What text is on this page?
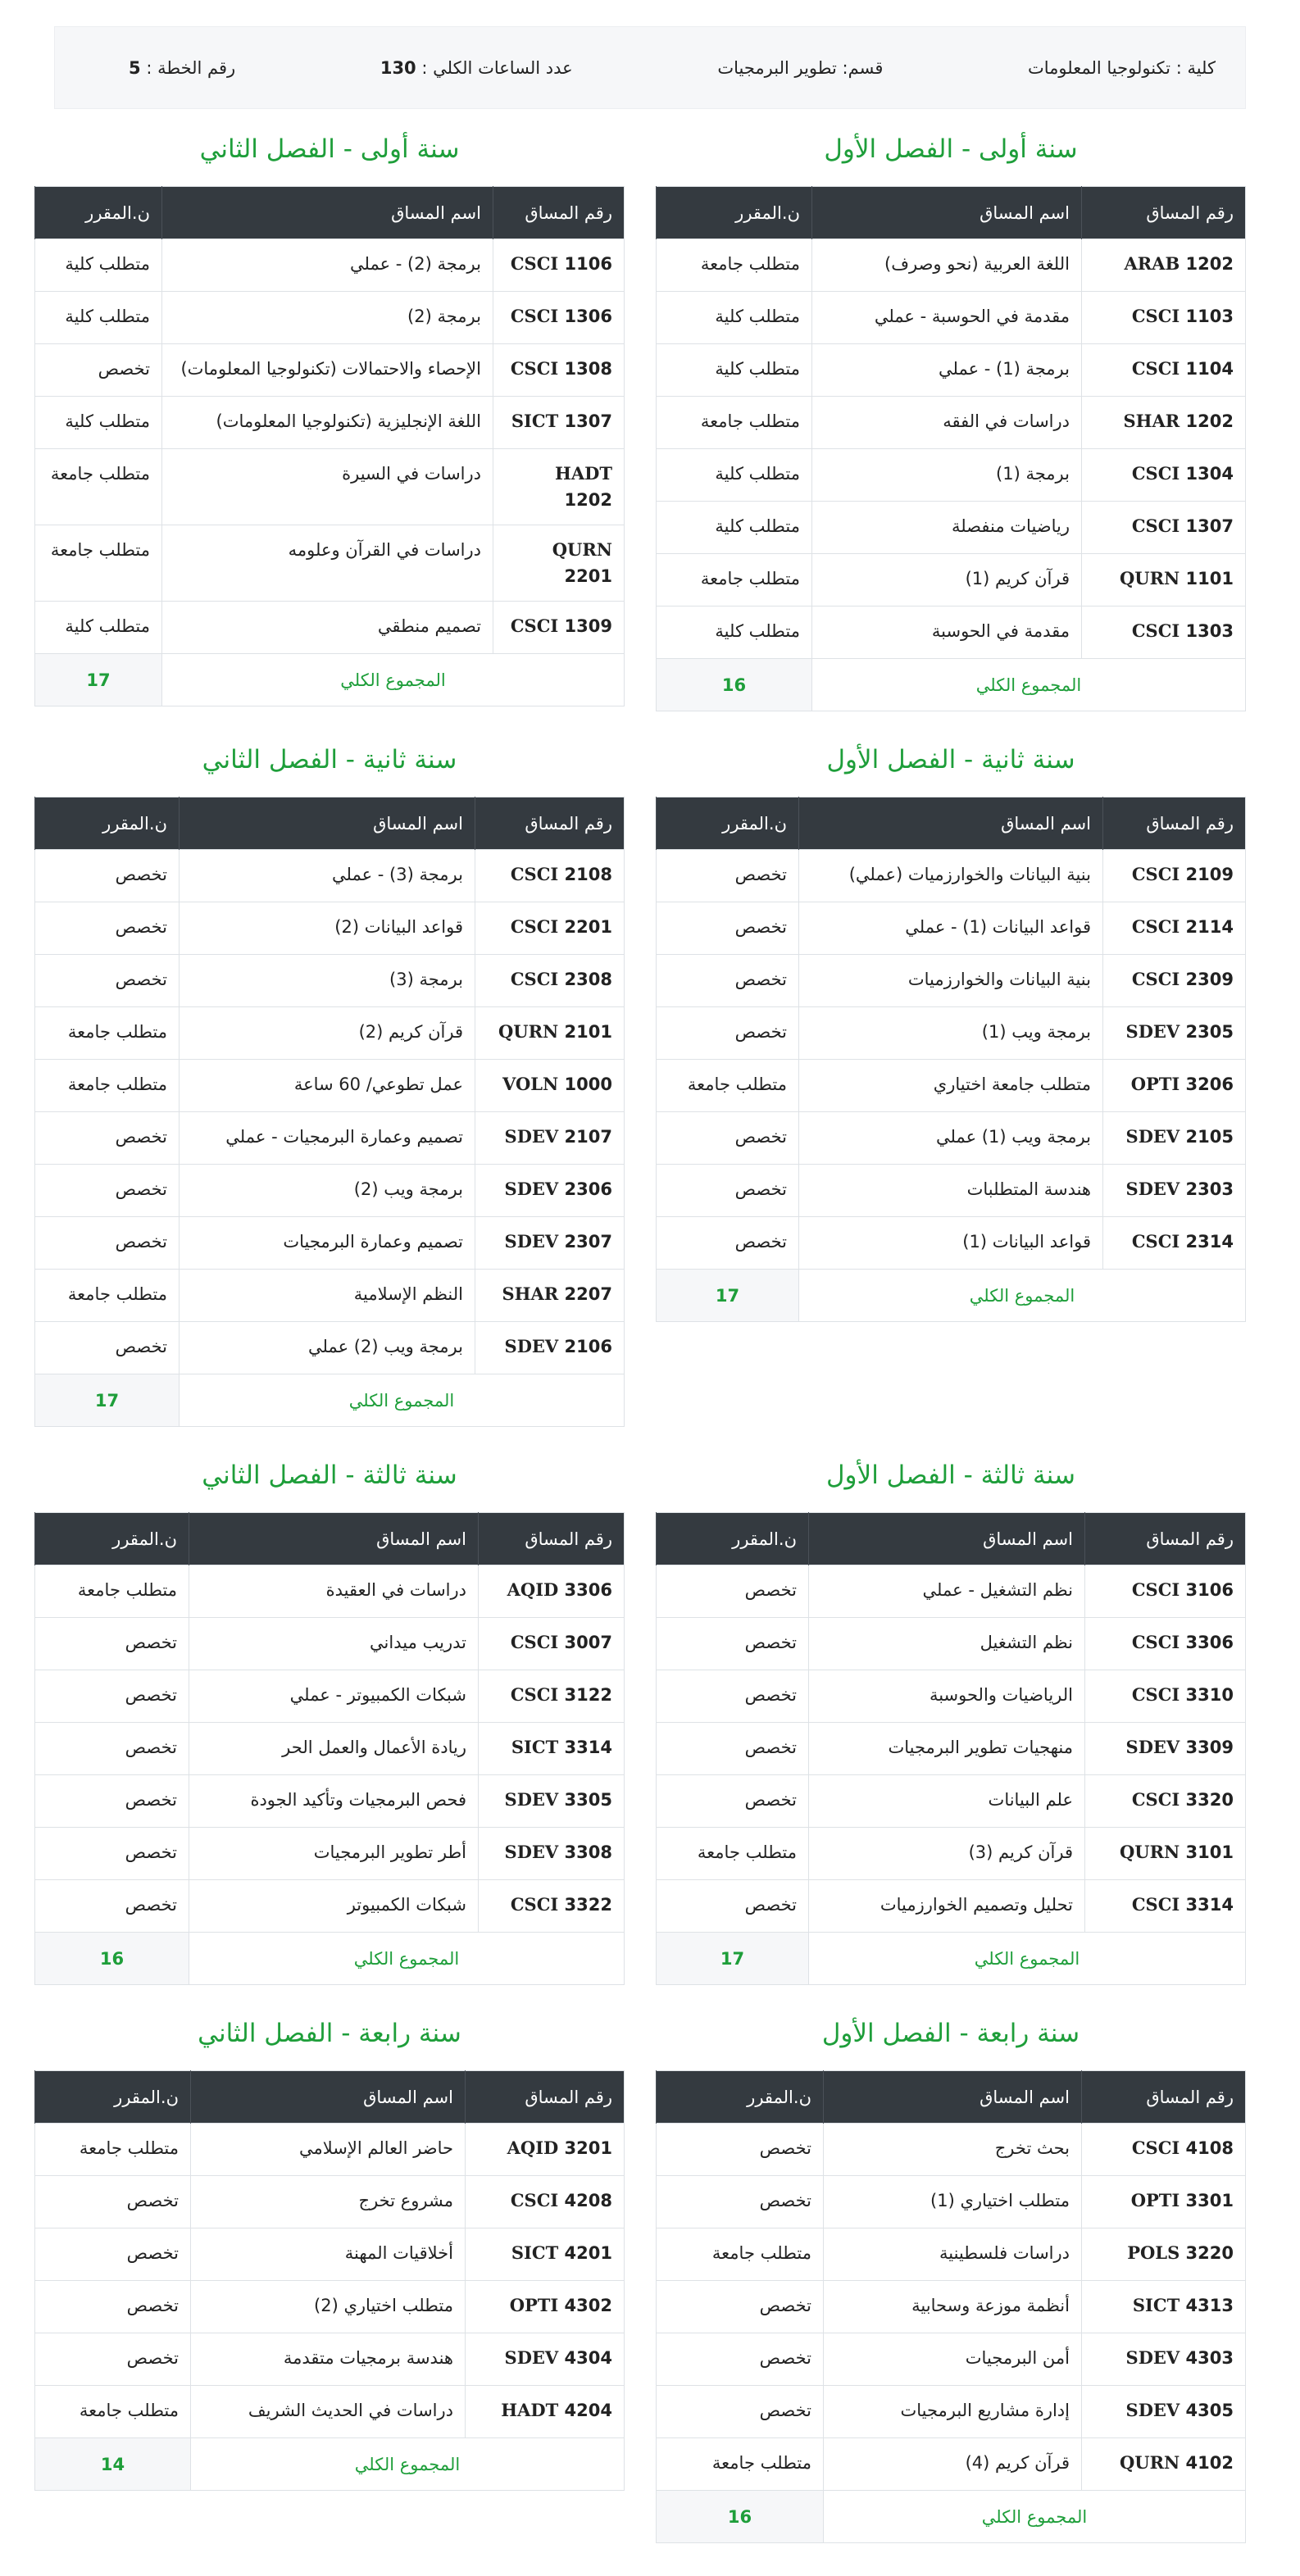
كلية : تكنولوجيا المعلومات
قسم: تطوير البرمجيات
عدد الساعات الكلي : 130
رقم الخطة : 5
سنة أولى - الفصل الأول
رقم المساق	اسم المساق	ن.المقرر
ARAB 1202	اللغة العربية (نحو وصرف)	متطلب جامعة
CSCI 1103	مقدمة في الحوسبة - عملي	متطلب كلية
CSCI 1104	برمجة (1) - عملي	متطلب كلية
SHAR 1202	دراسات في الفقه	متطلب جامعة
CSCI 1304	برمجة (1)	متطلب كلية
CSCI 1307	رياضيات منفصلة	متطلب كلية
QURN 1101	قرآن كريم (1)	متطلب جامعة
CSCI 1303	مقدمة في الحوسبة	متطلب كلية
المجموع الكلي		16
سنة أولى - الفصل الثاني
رقم المساق	اسم المساق	ن.المقرر
CSCI 1106	برمجة (2) - عملي	متطلب كلية
CSCI 1306	برمجة (2)	متطلب كلية
CSCI 1308	الإحصاء والاحتمالات (تكنولوجيا المعلومات)	تخصص
SICT 1307	اللغة الإنجليزية (تكنولوجيا المعلومات)	متطلب كلية
HADT 1202	دراسات في السيرة	متطلب جامعة
QURN 2201	دراسات في القرآن وعلومه	متطلب جامعة
CSCI 1309	تصميم منطقي	متطلب كلية
المجموع الكلي		17
سنة ثانية - الفصل الأول
رقم المساق	اسم المساق	ن.المقرر
CSCI 2109	بنية البيانات والخوارزميات (عملي)	تخصص
CSCI 2114	قواعد البيانات (1) - عملي	تخصص
CSCI 2309	بنية البيانات والخوارزميات	تخصص
SDEV 2305	برمجة ويب (1)	تخصص
OPTI 3206	متطلب جامعة اختياري	متطلب جامعة
SDEV 2105	برمجة ويب (1) عملي	تخصص
SDEV 2303	هندسة المتطلبات	تخصص
CSCI 2314	قواعد البيانات (1)	تخصص
المجموع الكلي		17
سنة ثانية - الفصل الثاني
رقم المساق	اسم المساق	ن.المقرر
CSCI 2108	برمجة (3) - عملي	تخصص
CSCI 2201	قواعد البيانات (2)	تخصص
CSCI 2308	برمجة (3)	تخصص
QURN 2101	قرآن كريم (2)	متطلب جامعة
VOLN 1000	عمل تطوعي/ 60 ساعة	متطلب جامعة
SDEV 2107	تصميم وعمارة البرمجيات - عملي	تخصص
SDEV 2306	برمجة ويب (2)	تخصص
SDEV 2307	تصميم وعمارة البرمجيات	تخصص
SHAR 2207	النظم الإسلامية	متطلب جامعة
SDEV 2106	برمجة ويب (2) عملي	تخصص
المجموع الكلي		17
سنة ثالثة - الفصل الأول
رقم المساق	اسم المساق	ن.المقرر
CSCI 3106	نظم التشغيل - عملي	تخصص
CSCI 3306	نظم التشغيل	تخصص
CSCI 3310	الرياضيات والحوسبة	تخصص
SDEV 3309	منهجيات تطوير البرمجيات	تخصص
CSCI 3320	علم البيانات	تخصص
QURN 3101	قرآن كريم (3)	متطلب جامعة
CSCI 3314	تحليل وتصميم الخوارزميات	تخصص
المجموع الكلي		17
سنة ثالثة - الفصل الثاني
رقم المساق	اسم المساق	ن.المقرر
AQID 3306	دراسات في العقيدة	متطلب جامعة
CSCI 3007	تدريب ميداني	تخصص
CSCI 3122	شبكات الكمبيوتر - عملي	تخصص
SICT 3314	ريادة الأعمال والعمل الحر	تخصص
SDEV 3305	فحص البرمجيات وتأكيد الجودة	تخصص
SDEV 3308	أطر تطوير البرمجيات	تخصص
CSCI 3322	شبكات الكمبيوتر	تخصص
المجموع الكلي		16
سنة رابعة - الفصل الأول
رقم المساق	اسم المساق	ن.المقرر
CSCI 4108	بحث تخرج	تخصص
OPTI 3301	متطلب اختياري (1)	تخصص
POLS 3220	دراسات فلسطينية	متطلب جامعة
SICT 4313	أنظمة موزعة وسحابية	تخصص
SDEV 4303	أمن البرمجيات	تخصص
SDEV 4305	إدارة مشاريع البرمجيات	تخصص
QURN 4102	قرآن كريم (4)	متطلب جامعة
المجموع الكلي		16
سنة رابعة - الفصل الثاني
رقم المساق	اسم المساق	ن.المقرر
AQID 3201	حاضر العالم الإسلامي	متطلب جامعة
CSCI 4208	مشروع تخرج	تخصص
SICT 4201	أخلاقيات المهنة	تخصص
OPTI 4302	متطلب اختياري (2)	تخصص
SDEV 4304	هندسة برمجيات متقدمة	تخصص
HADT 4204	دراسات في الحديث الشريف	متطلب جامعة
المجموع الكلي		14
